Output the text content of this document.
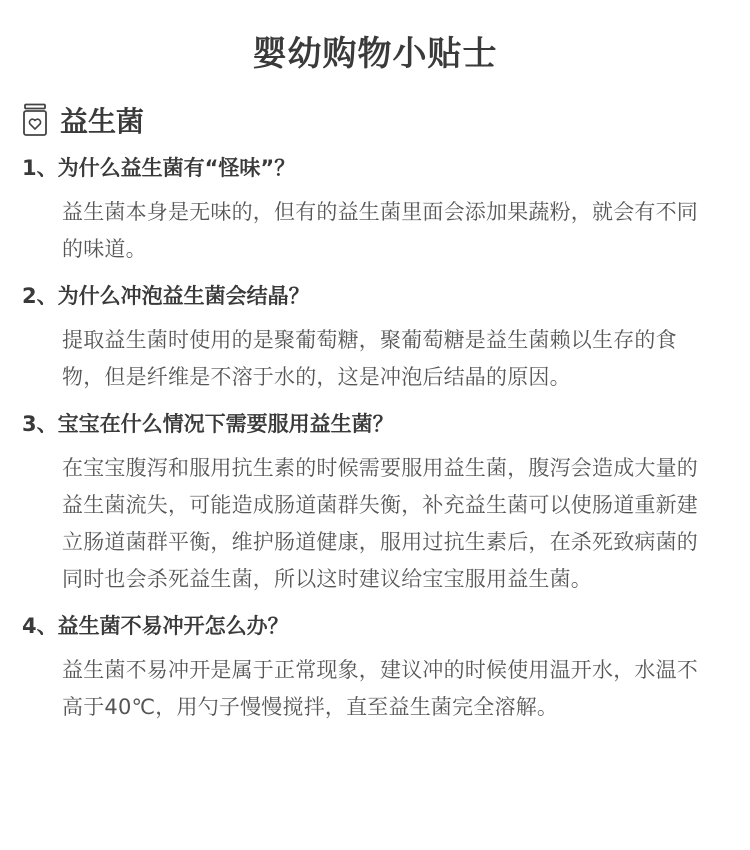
婴幼购物小贴士
益生菌
1、为什么益生菌有“怪味”？
益生菌本身是无味的，但有的益生菌里面会添加果蔬粉，就会有不同的味道。
2、为什么冲泡益生菌会结晶？
提取益生菌时使用的是聚葡萄糖，聚葡萄糖是益生菌赖以生存的食物，但是纤维是不溶于水的，这是冲泡后结晶的原因。
3、宝宝在什么情况下需要服用益生菌？
在宝宝腹泻和服用抗生素的时候需要服用益生菌，腹泻会造成大量的益生菌流失，可能造成肠道菌群失衡，补充益生菌可以使肠道重新建立肠道菌群平衡，维护肠道健康，服用过抗生素后，在杀死致病菌的同时也会杀死益生菌，所以这时建议给宝宝服用益生菌。
4、益生菌不易冲开怎么办？
益生菌不易冲开是属于正常现象，建议冲的时候使用温开水，水温不高于40℃，用勺子慢慢搅拌，直至益生菌完全溶解。
